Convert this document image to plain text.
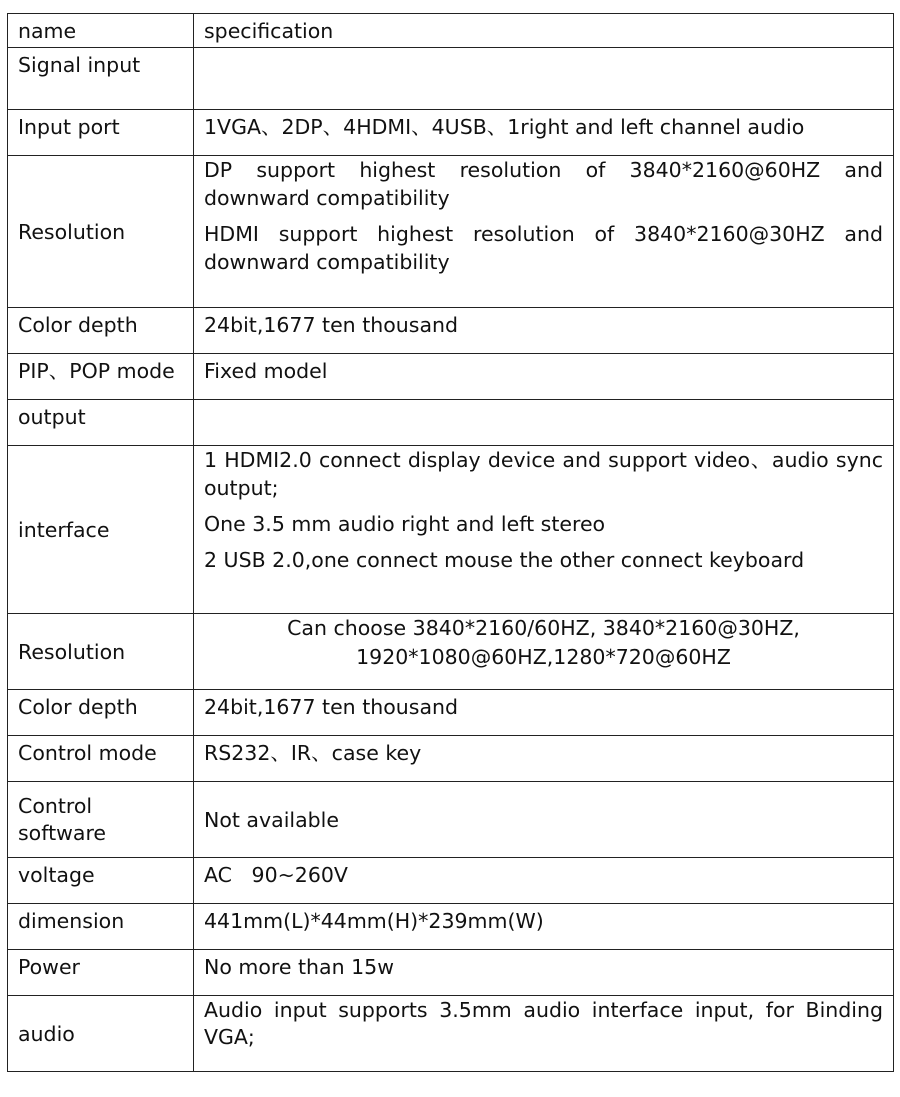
name	specification

Signal input	

Input port	1VGA、2DP、4HDMI、4USB、1right and left channel audio

Resolution	DP support highest resolution of 3840*2160@60HZ and downward compatibility

HDMI support highest resolution of 3840*2160@30HZ and downward compatibility

Color depth	24bit,1677 ten thousand

PIP、POP mode	Fixed model

output	

interface	1 HDMI2.0 connect display device and support video、audio sync output;

One 3.5 mm audio right and left stereo

2 USB 2.0,one connect mouse the other connect keyboard

Resolution	Can choose 3840*2160/60HZ, 3840*2160@30HZ,

1920*1080@60HZ,1280*720@60HZ

Color depth	24bit,1677 ten thousand

Control mode	RS232、IR、case key

Control software	Not available

voltage	AC   90~260V

dimension	441mm(L)*44mm(H)*239mm(W)

Power	No more than 15w

audio	Audio input supports 3.5mm audio interface input, for Binding VGA;
